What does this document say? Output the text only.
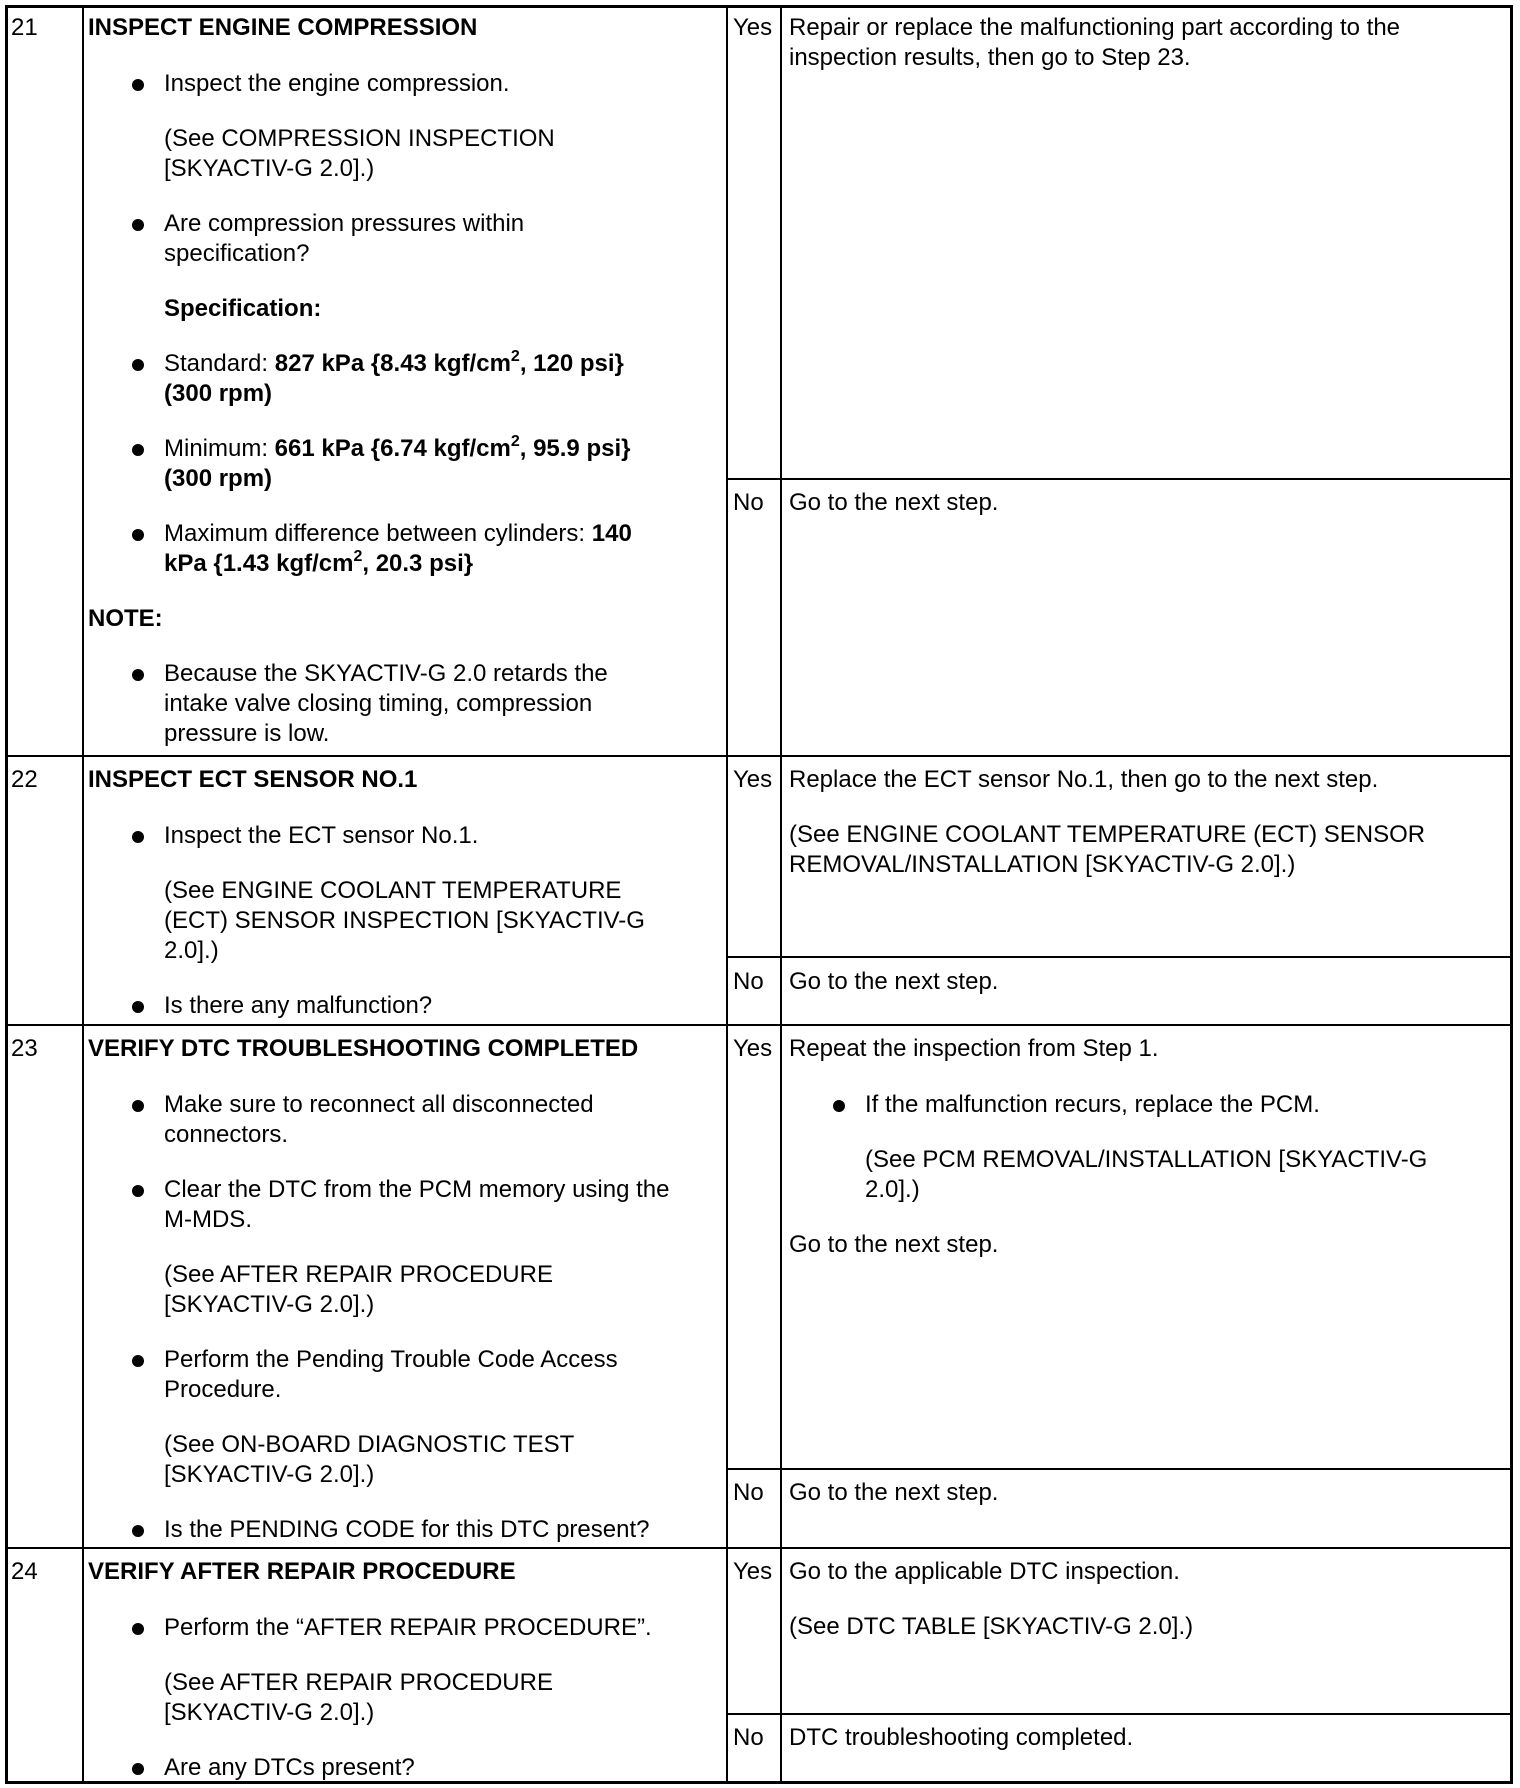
21 INSPECT ENGINE COMPRESSION
Inspect the engine compression.
(See COMPRESSION INSPECTION
[SKYACTIV-G 2.0].)
Are compression pressures within
specification?
Specification:
Standard: 827 kPa {8.43 kgf/$cm^2$, 120 psi}
(300 rpm)
Minimum: 661 kPa {6.74 kgf/$cm^2$, 95.9 psi}
(300 rpm)
Maximum difference between cylinders: 140
kPa {1.43 kgf/$cm^2$, 20.3 psi}
NOTE:
Because the SKYACTIV-G 2.0 retards the
intake valve closing timing, compression
pressure is low.
Yes Repair or replace the malfunctioning part according to the
inspection results, then go to Step 23.
No Go to the next step.
22 INSPECT ECT SENSOR NO.1
Inspect the ECT sensor No.1.
(See ENGINE COOLANT TEMPERATURE
(ECT) SENSOR INSPECTION [SKYACTIV-G
2.0].)
Is there any malfunction?
Yes Replace the ECT sensor No.1, then go to the next step.
(See ENGINE COOLANT TEMPERATURE (ECT) SENSOR
REMOVAL/INSTALLATION [SKYACTIV-G 2.0].)
No Go to the next step.
23 VERIFY DTC TROUBLESHOOTING COMPLETED
Make sure to reconnect all disconnected
connectors.
Clear the DTC from the PCM memory using the
M-MDS.
(See AFTER REPAIR PROCEDURE
[SKYACTIV-G 2.0].)
Perform the Pending Trouble Code Access
Procedure.
(See ON-BOARD DIAGNOSTIC TEST
[SKYACTIV-G 2.0].)
Is the PENDING CODE for this DTC present?
Yes Repeat the inspection from Step 1.
If the malfunction recurs, replace the PCM.
(See PCM REMOVAL/INSTALLATION [SKYACTIV-G
2.0].)
Go to the next step.
No Go to the next step.
24 VERIFY AFTER REPAIR PROCEDURE
Perform the “AFTER REPAIR PROCEDURE”.
(See AFTER REPAIR PROCEDURE
[SKYACTIV-G 2.0].)
Are any DTCs present?
Yes Go to the applicable DTC inspection.
(See DTC TABLE [SKYACTIV-G 2.0].)
No DTC troubleshooting completed.
